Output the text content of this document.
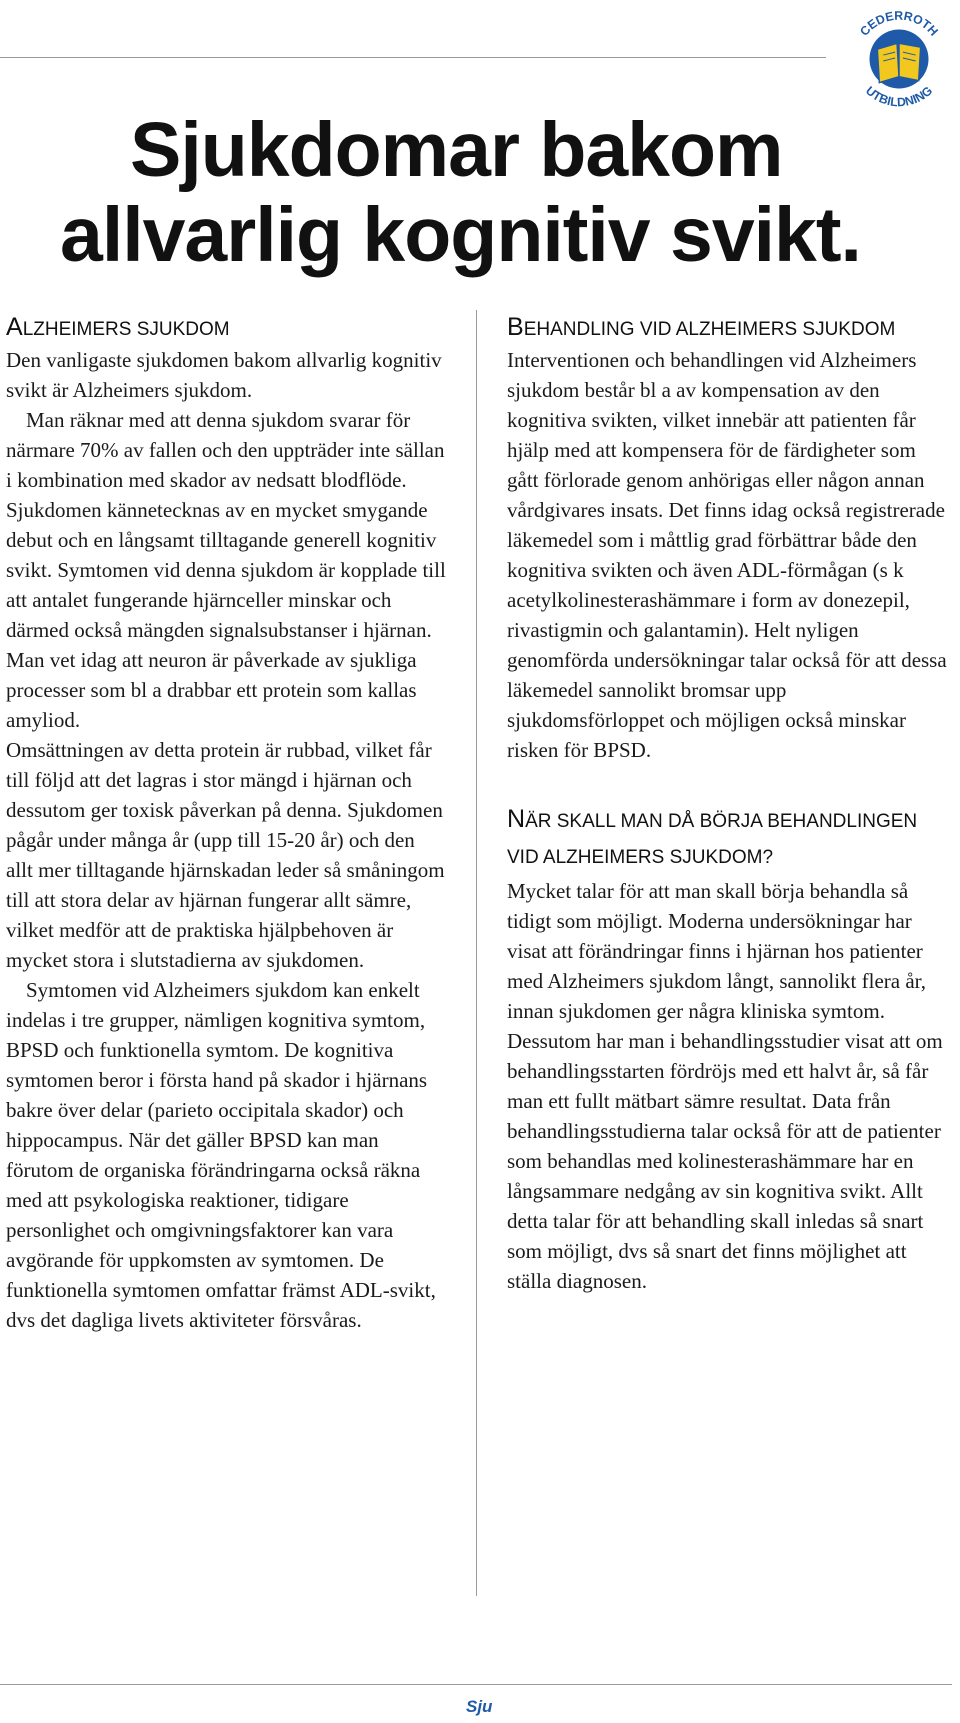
CEDERROTH
UTBILDNING
Sjukdomar bakom
allvarlig kognitiv svikt.
ALZHEIMERS SJUKDOM

Den vanligaste sjukdomen bakom allvarlig kognitiv svikt är Alzheimers sjukdom.

Man räknar med att denna sjukdom svarar för närmare 70% av fallen och den uppträder inte sällan i kombination med skador av nedsatt blodflöde. Sjukdomen kännetecknas av en mycket smygande debut och en långsamt tilltagande generell kognitiv svikt. Symtomen vid denna sjukdom är kopplade till att antalet fungerande hjärnceller minskar och därmed också mängden signalsubstanser i hjärnan. Man vet idag att neuron är påverkade av sjukliga processer som bl a drabbar ett protein som kallas amyliod.

Omsättningen av detta protein är rubbad, vilket får till följd att det lagras i stor mängd i hjärnan och dessutom ger toxisk påverkan på denna. Sjukdomen pågår under många år (upp till 15-20 år) och den allt mer tilltagande hjärnskadan leder så småningom till att stora delar av hjärnan fungerar allt sämre, vilket medför att de praktiska hjälpbehoven är mycket stora i slutstadierna av sjukdomen.

Symtomen vid Alzheimers sjukdom kan enkelt indelas i tre grupper, nämligen kognitiva symtom, BPSD och funktionella symtom. De kognitiva symtomen beror i första hand på skador i hjärnans bakre över delar (parieto occipitala skador) och hippocampus. När det gäller BPSD kan man förutom de organiska förändringarna också räkna med att psykologiska reaktioner, tidigare personlighet och omgivningsfaktorer kan vara avgörande för uppkomsten av symtomen. De funktionella symtomen omfattar främst ADL-svikt, dvs det dagliga livets aktiviteter försvåras.

BEHANDLING VID ALZHEIMERS SJUKDOM

Interventionen och behandlingen vid Alzheimers sjukdom består bl a av kompensation av den kognitiva svikten, vilket innebär att patienten får hjälp med att kompensera för de färdigheter som gått förlorade genom anhörigas eller någon annan vårdgivares insats. Det finns idag också registrerade läkemedel som i måttlig grad förbättrar både den kognitiva svikten och även ADL-förmågan (s k acetylkolinesterashämmare i form av donezepil, rivastigmin och galantamin). Helt nyligen genomförda undersökningar talar också för att dessa läkemedel sannolikt bromsar upp sjukdomsförloppet och möjligen också minskar risken för BPSD.

NÄR SKALL MAN DÅ BÖRJA BEHANDLINGEN VID ALZHEIMERS SJUKDOM?

Mycket talar för att man skall börja behandla så tidigt som möjligt. Moderna undersökningar har visat att förändringar finns i hjärnan hos patienter med Alzheimers sjukdom långt, sannolikt flera år, innan sjukdomen ger några kliniska symtom. Dessutom har man i behandlingsstudier visat att om behandlingsstarten fördröjs med ett halvt år, så får man ett fullt mätbart sämre resultat. Data från behandlingsstudierna talar också för att de patienter som behandlas med kolinesterashämmare har en långsammare nedgång av sin kognitiva svikt. Allt detta talar för att behandling skall inledas så snart som möjligt, dvs så snart det finns möjlighet att ställa diagnosen.

Sju
